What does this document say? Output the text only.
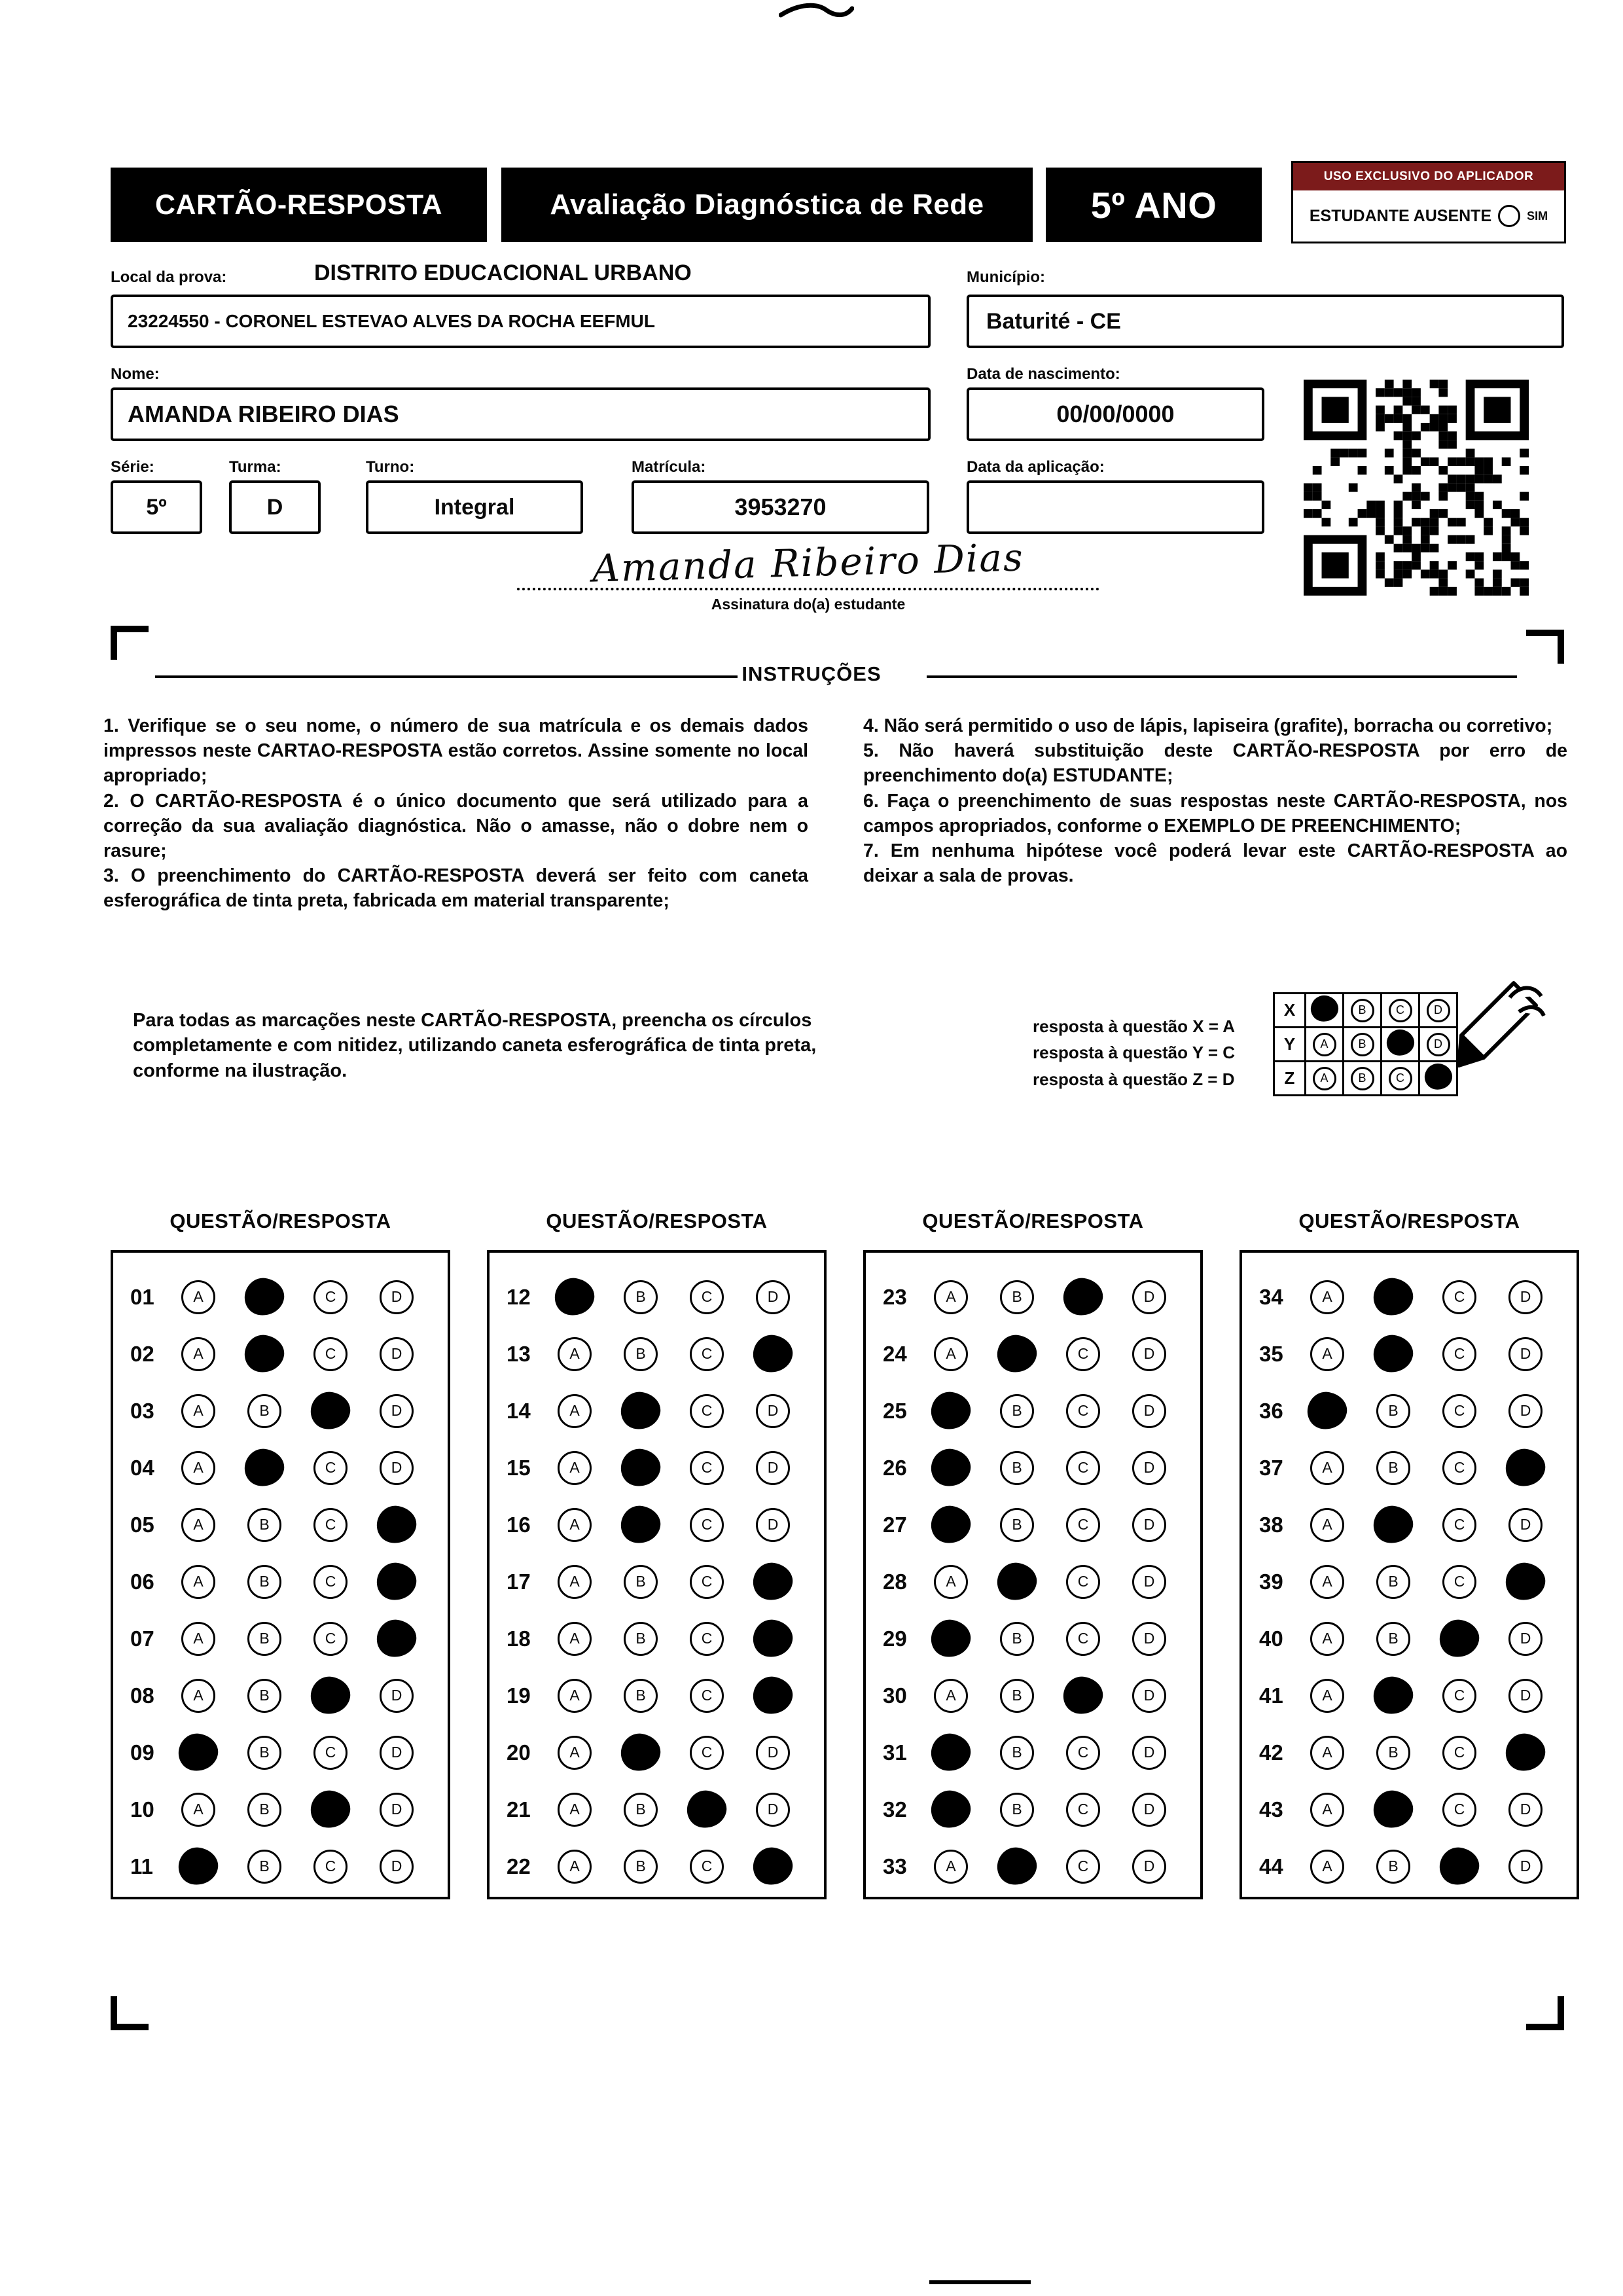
CARTÃO-RESPOSTA	Avaliação Diagnóstica de Rede	5º ANO
USO EXCLUSIVO DO APLICADOR
ESTUDANTE AUSENTE	SIM
Local da prova:	DISTRITO EDUCACIONAL URBANO
23224550 - CORONEL ESTEVAO ALVES DA ROCHA EEFMUL
Município:
Baturité - CE
Nome:
AMANDA RIBEIRO DIAS
Data de nascimento:
00/00/0000
Série:
5º
Turma:
D
Turno:
Integral
Matrícula:
3953270
Data da aplicação:
Amanda Ribeiro Dias
Assinatura do(a) estudante
INSTRUÇÕES

1. Verifique se o seu nome, o número de sua matrícula e os demais dados impressos neste CARTAO-RESPOSTA estão corretos. Assine somente no local apropriado;

2. O CARTÃO-RESPOSTA é o único documento que será utilizado para a correção da sua avaliação diagnóstica. Não o amasse, não o dobre nem o rasure;

3. O preenchimento do CARTÃO-RESPOSTA deverá ser feito com caneta esferográfica de tinta preta, fabricada em material transparente;

4. Não será permitido o uso de lápis, lapiseira (grafite), borracha ou corretivo;

5. Não haverá substituição deste CARTÃO-RESPOSTA por erro de preenchimento do(a) ESTUDANTE;

6. Faça o preenchimento de suas respostas neste CARTÃO-RESPOSTA, nos campos apropriados, conforme o EXEMPLO DE PREENCHIMENTO;

7. Em nenhuma hipótese você poderá levar este CARTÃO-RESPOSTA ao deixar a sala de provas.

Para todas as marcações neste CARTÃO-RESPOSTA, preencha os círculos completamente e com nitidez, utilizando caneta esferográfica de tinta preta, conforme na ilustração.
resposta à questão X = A
resposta à questão Y = C
resposta à questão Z = D
X		B	C	D
Y	A	B		D
Z	A	B	C	
QUESTÃO/RESPOSTA	QUESTÃO/RESPOSTA	QUESTÃO/RESPOSTA	QUESTÃO/RESPOSTA
01	A	C	D
02	A	C	D
03	A	B	D
04	A	C	D
05	A	B	C
06	A	B	C
07	A	B	C
08	A	B	D
09	B	C	D
10	A	B	D
11	B	C	D
12	B	C	D
13	A	B	C
14	A	C	D
15	A	C	D
16	A	C	D
17	A	B	C
18	A	B	C
19	A	B	C
20	A	C	D
21	A	B	D
22	A	B	C
23	A	B	D
24	A	C	D
25	B	C	D
26	B	C	D
27	B	C	D
28	A	C	D
29	B	C	D
30	A	B	D
31	B	C	D
32	B	C	D
33	A	C	D
34	A	C	D
35	A	C	D
36	B	C	D
37	A	B	C
38	A	C	D
39	A	B	C
40	A	B	D
41	A	C	D
42	A	B	C
43	A	C	D
44	A	B	D
